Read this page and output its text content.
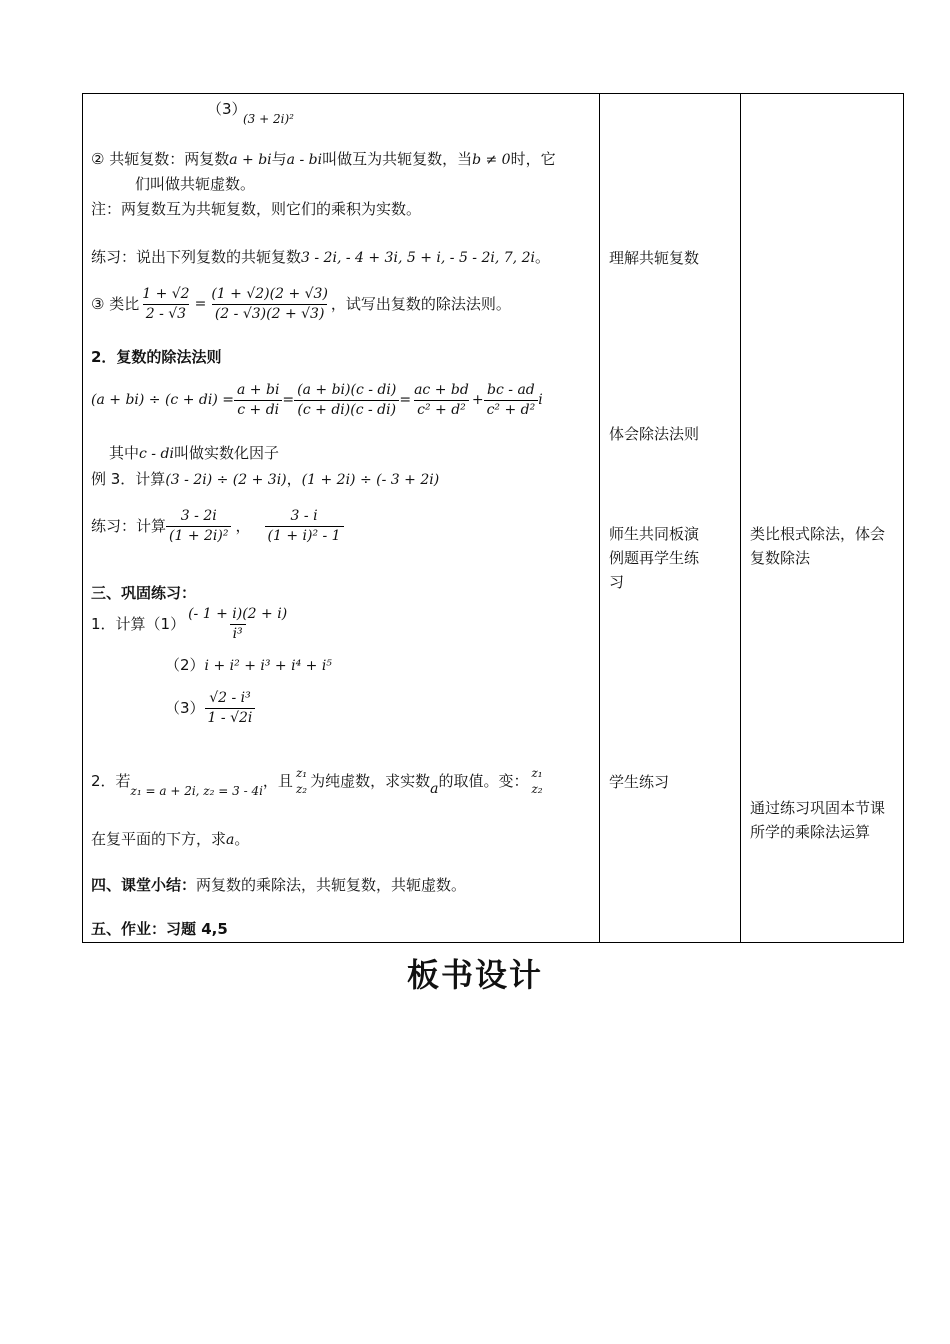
（3）
(3 + 2i)²
② 共轭复数：两复数a + bi与a - bi叫做互为共轭复数，当b ≠ 0时，它
们叫做共轭虚数。
注：两复数互为共轭复数，则它们的乘积为实数。
练习：说出下列复数的共轭复数3 - 2i, - 4 + 3i, 5 + i, - 5 - 2i, 7, 2i。
③ 类比 $\frac{1 + √2}{2 - √3} = \frac{(1 + √2)(2 + √3)}{(2 - √3)(2 + √3)}$ ，试写出复数的除法法则。
2．复数的除法法则
$(a + bi) \div (c + di) = \frac{a + bi}{c + di} = \frac{(a + bi)(c - di)}{(c + di)(c - di)} = \frac{ac + bd}{\text{c² + d²}} + \frac{bc - ad}{\text{c² + d²}}$ i
其中c - di叫做实数化因子
例 3．计算(3 - 2i) ÷ (2 + 3i)，(1 + 2i) ÷ (- 3 + 2i)
练习：计算 $\frac{3 - 2i}{\text{(1 + 2i)²}}$ ， $\frac{3 - i}{\text{(1 + i)² - 1}}$
三、巩固练习：
1．计算$(1) \frac{(- 1 + i)(2 + i)}{\text{i³}}$
（2）i + i² + i³ + i⁴ + i⁵
$(3) \frac{\text{√2 - i³}}{1 - √2i}$
2．若
z₁ = a + 2i, z₂ = 3 - 4i
，且 z₁
z₂ 为纯虚数，求实数 a 的取值。变： z₁
z₂
在复平面的下方，求a。
四、课堂小结：两复数的乘除法，共轭复数，共轭虚数。
五、作业：习题 4,5
理解共轭复数
体会除法法则
师生共同板演例题再学生练习
学生练习
类比根式除法，体会复数除法
通过练习巩固本节课所学的乘除法运算
板书设计
